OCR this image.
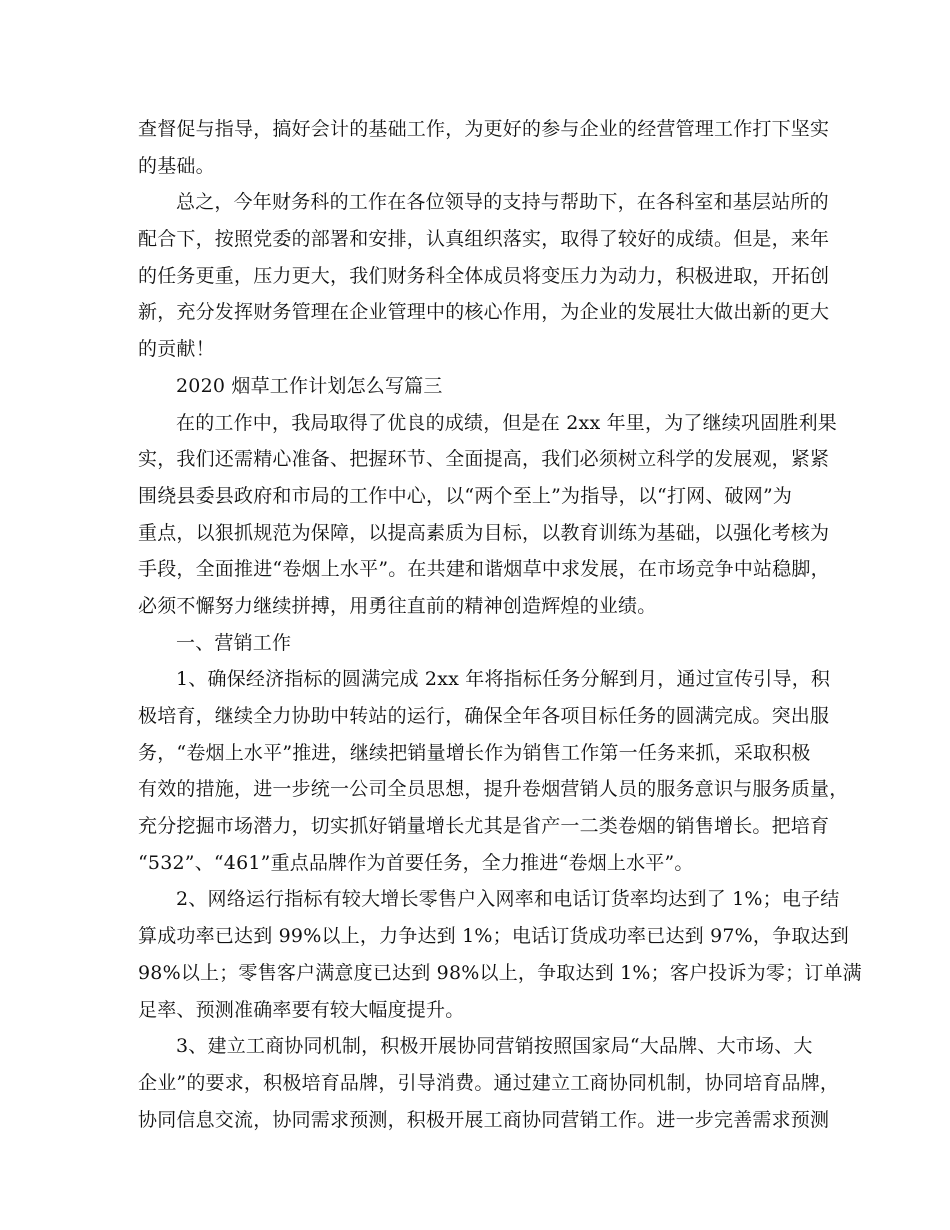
查督促与指导，搞好会计的基础工作，为更好的参与企业的经营管理工作打下坚实
的基础。
总之，今年财务科的工作在各位领导的支持与帮助下，在各科室和基层站所的
配合下，按照党委的部署和安排，认真组织落实，取得了较好的成绩。但是，来年
的任务更重，压力更大，我们财务科全体成员将变压力为动力，积极进取，开拓创
新，充分发挥财务管理在企业管理中的核心作用，为企业的发展壮大做出新的更大
的贡献！
2020 烟草工作计划怎么写篇三
在的工作中，我局取得了优良的成绩，但是在 2xx 年里，为了继续巩固胜利果
实，我们还需精心准备、把握环节、全面提高，我们必须树立科学的发展观，紧紧
围绕县委县政府和市局的工作中心，以“两个至上”为指导，以“打网、破网”为
重点，以狠抓规范为保障，以提高素质为目标，以教育训练为基础，以强化考核为
手段，全面推进“卷烟上水平”。在共建和谐烟草中求发展，在市场竞争中站稳脚，
必须不懈努力继续拼搏，用勇往直前的精神创造辉煌的业绩。
一、营销工作
1、确保经济指标的圆满完成 2xx 年将指标任务分解到月，通过宣传引导，积
极培育，继续全力协助中转站的运行，确保全年各项目标任务的圆满完成。突出服
务，“卷烟上水平”推进，继续把销量增长作为销售工作第一任务来抓，采取积极
有效的措施，进一步统一公司全员思想，提升卷烟营销人员的服务意识与服务质量，
充分挖掘市场潜力，切实抓好销量增长尤其是省产一二类卷烟的销售增长。把培育
“532”、“461”重点品牌作为首要任务，全力推进“卷烟上水平”。
2、网络运行指标有较大增长零售户入网率和电话订货率均达到了 1%；电子结
算成功率已达到 99%以上，力争达到 1%；电话订货成功率已达到 97%，争取达到
98%以上；零售客户满意度已达到 98%以上，争取达到 1%；客户投诉为零；订单满
足率、预测准确率要有较大幅度提升。
3、建立工商协同机制，积极开展协同营销按照国家局“大品牌、大市场、大
企业”的要求，积极培育品牌，引导消费。通过建立工商协同机制，协同培育品牌，
协同信息交流，协同需求预测，积极开展工商协同营销工作。进一步完善需求预测
